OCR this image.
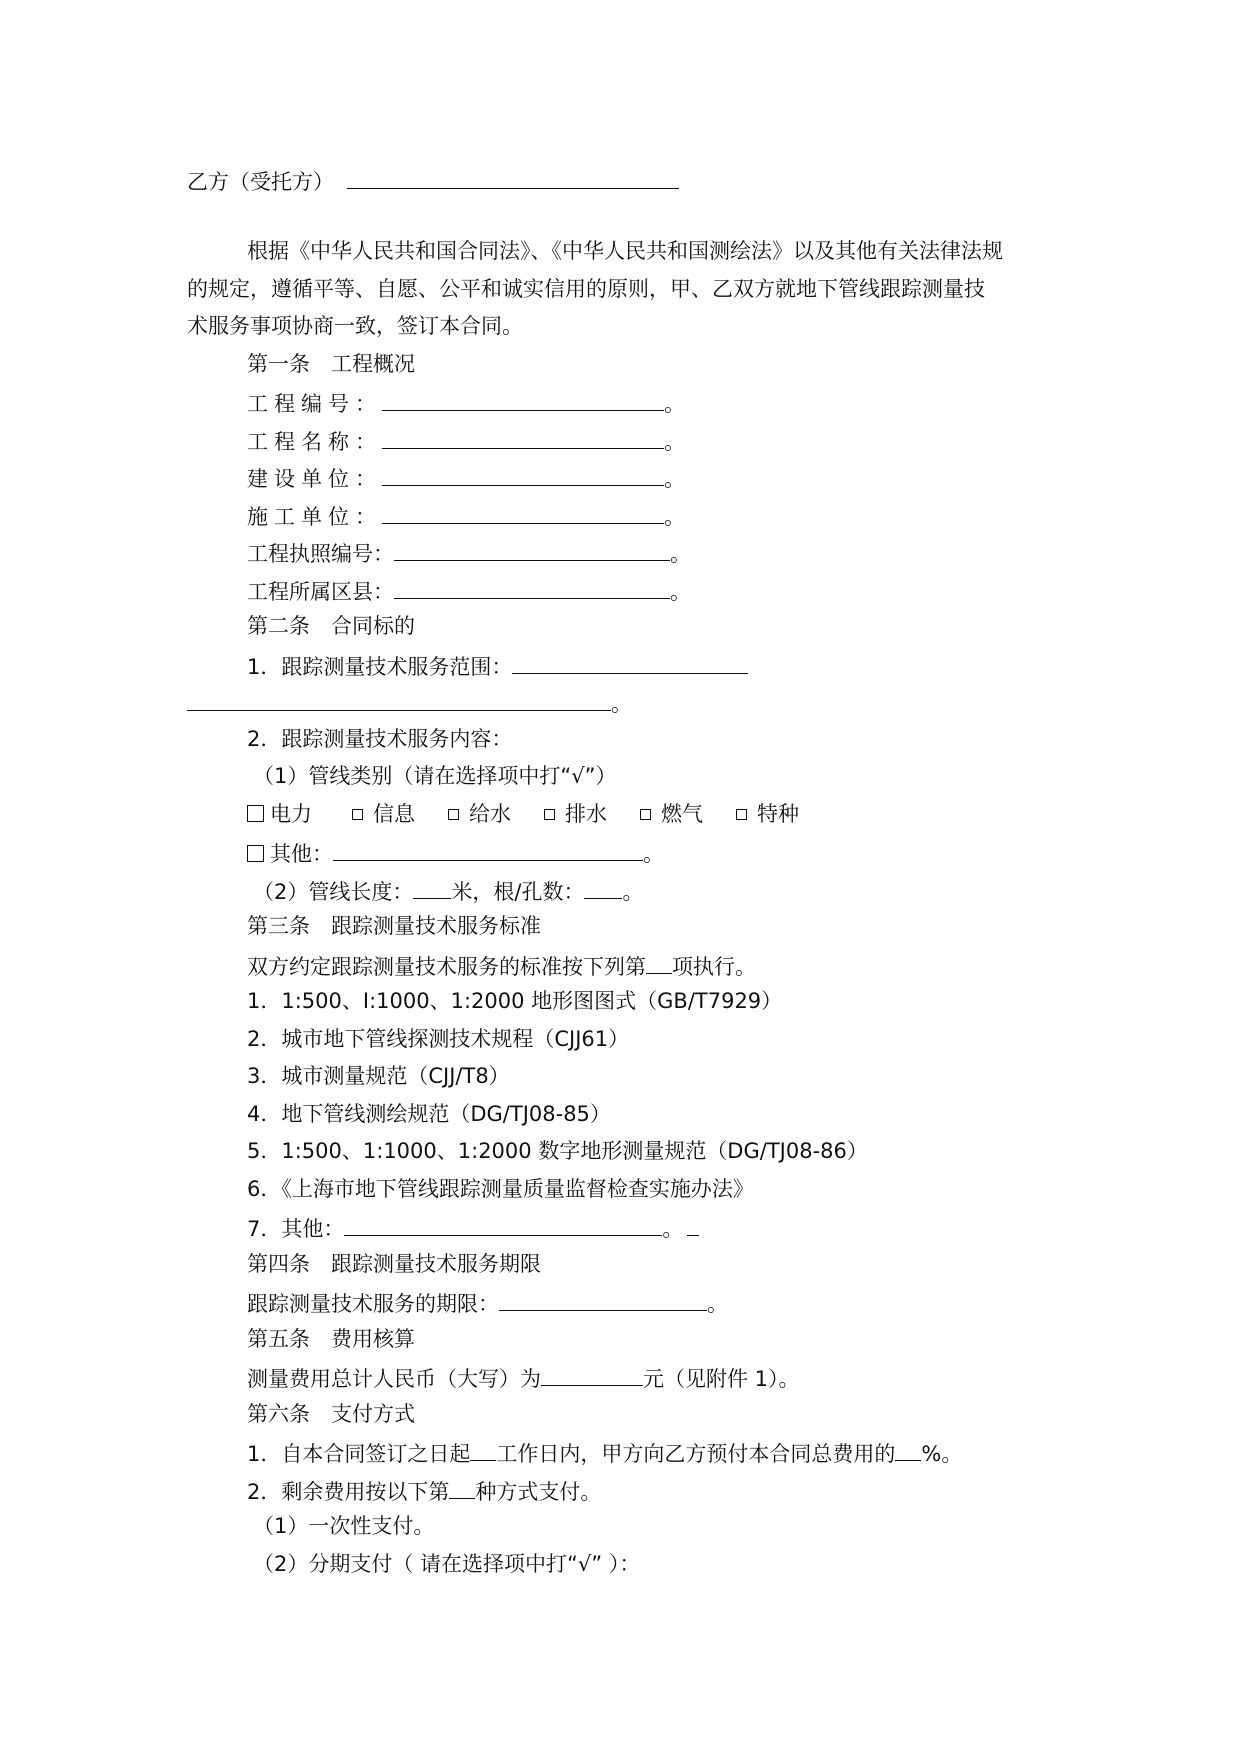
乙方（受托方）
根据《中华人民共和国合同法》、《中华人民共和国测绘法》以及其他有关法律法规
的规定，遵循平等、自愿、公平和诚实信用的原则，甲、乙双方就地下管线跟踪测量技
术服务事项协商一致，签订本合同。
第一条　工程概况
工程编号：	。
工程名称：	。
建设单位：	。
施工单位：	。
工程执照编号：	。
工程所属区县：	。
第二条　合同标的
1．跟踪测量技术服务范围：
。
2．跟踪测量技术服务内容：
（1）管线类别（请在选择项中打“√”）
电力	信息	给水	排水	燃气	特种
其他：	。
（2）管线长度： 米，根/孔数： 。
第三条　跟踪测量技术服务标准
双方约定跟踪测量技术服务的标准按下列第 项执行。
1．1:500、I:1000、1:2000 地形图图式（GB/T7929）
2．城市地下管线探测技术规程（CJJ61）
3．城市测量规范（CJJ/T8）
4．地下管线测绘规范（DG/TJ08-85）
5．1:500、1:1000、1:2000 数字地形测量规范（DG/TJ08-86）
6．《上海市地下管线跟踪测量质量监督检查实施办法》
7．其他：	。
第四条　跟踪测量技术服务期限
跟踪测量技术服务的期限：	。
第五条　费用核算
测量费用总计人民币（大写）为	元（见附件 1）。
第六条　支付方式
1．自本合同签订之日起 工作日内，甲方向乙方预付本合同总费用的 %。
2．剩余费用按以下第 种方式支付。
（1）一次性支付。
（2）分期支付（ 请在选择项中打“√” ）：
